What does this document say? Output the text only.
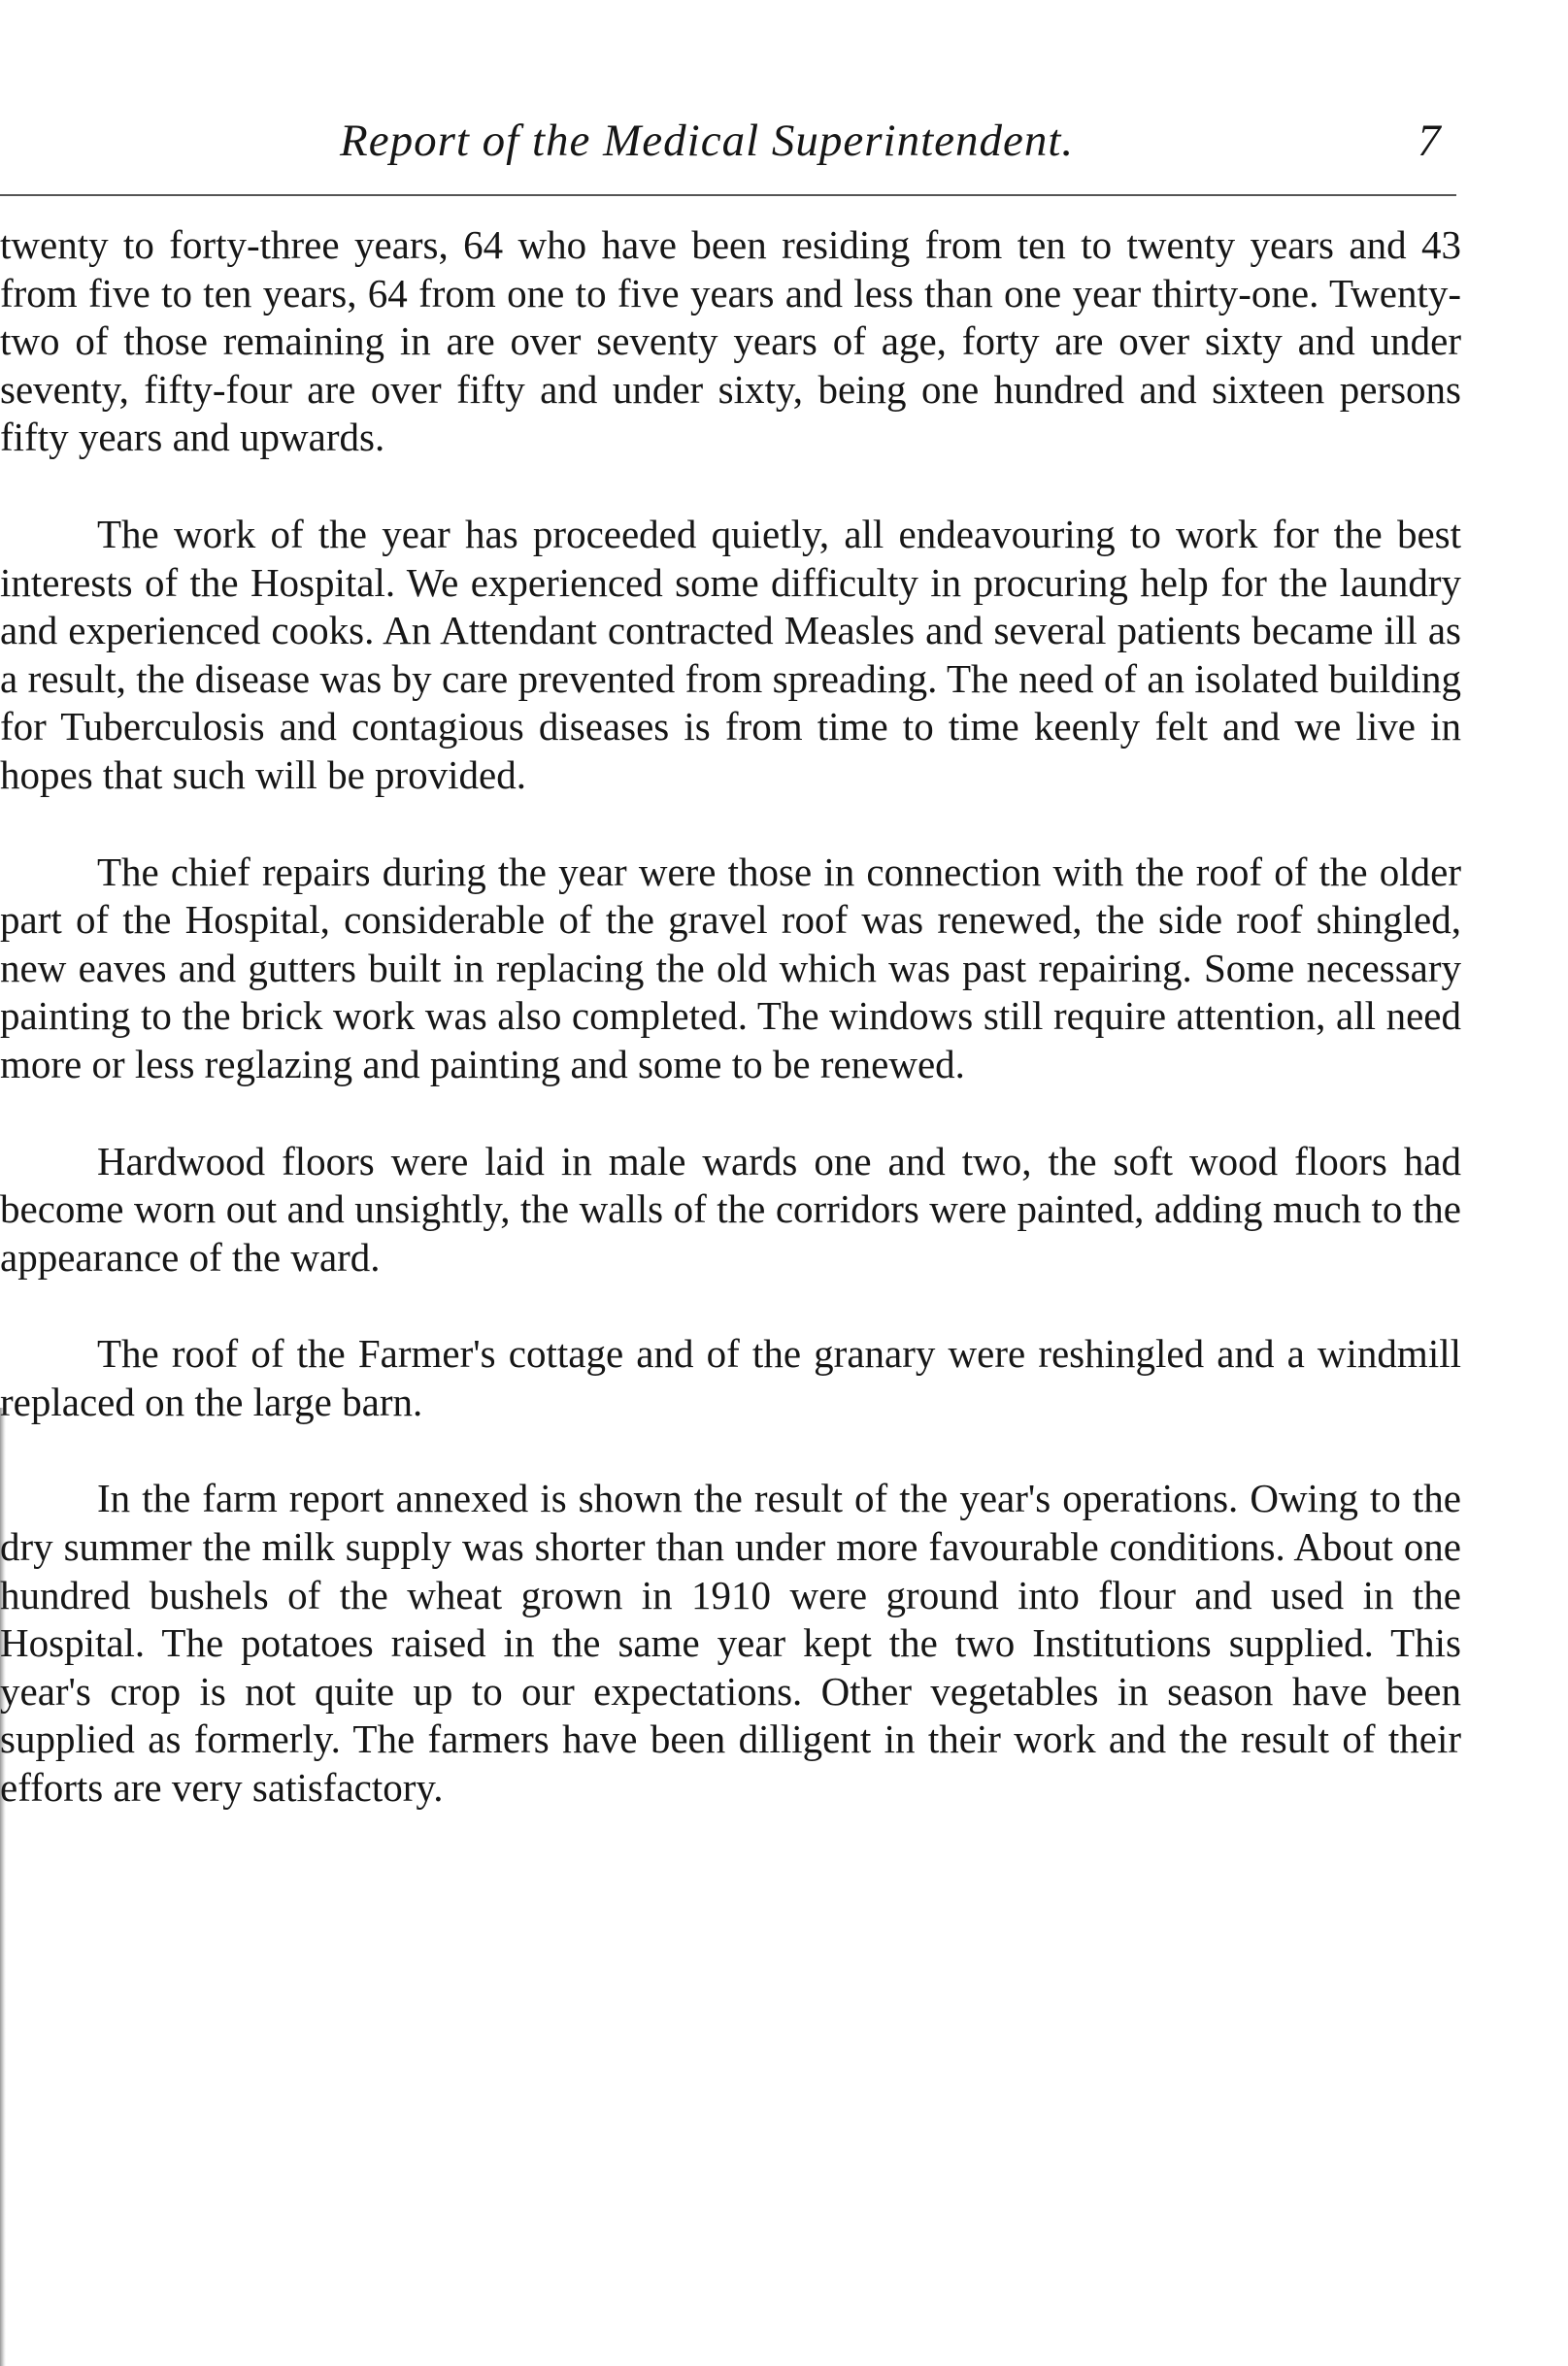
Report of the Medical Superintendent.	7

twenty to forty-three years, 64 who have been residing from ten to twenty years and 43 from five to ten years, 64 from one to five years and less than one year thirty-one. Twenty-two of those remaining in are over seventy years of age, forty are over sixty and under seventy, fifty-four are over fifty and under sixty, being one hundred and sixteen persons fifty years and upwards.

The work of the year has proceeded quietly, all endeavouring to work for the best interests of the Hospital. We experienced some difficulty in procuring help for the laundry and experienced cooks. An Attendant contracted Measles and several patients became ill as a result, the disease was by care prevented from spreading. The need of an isolated building for Tuberculosis and contagious diseases is from time to time keenly felt and we live in hopes that such will be provided.

The chief repairs during the year were those in connection with the roof of the older part of the Hospital, considerable of the gravel roof was renewed, the side roof shingled, new eaves and gutters built in replacing the old which was past repairing. Some necessary painting to the brick work was also completed. The windows still require attention, all need more or less reglazing and painting and some to be renewed.

Hardwood floors were laid in male wards one and two, the soft wood floors had become worn out and unsightly, the walls of the corridors were painted, adding much to the appearance of the ward.

The roof of the Farmer's cottage and of the granary were reshingled and a windmill replaced on the large barn.

In the farm report annexed is shown the result of the year's operations. Owing to the dry summer the milk supply was shorter than under more favourable conditions. About one hundred bushels of the wheat grown in 1910 were ground into flour and used in the Hospital. The potatoes raised in the same year kept the two Institutions supplied. This year's crop is not quite up to our expectations. Other vegetables in season have been supplied as formerly. The farmers have been dilligent in their work and the result of their efforts are very satisfactory.
